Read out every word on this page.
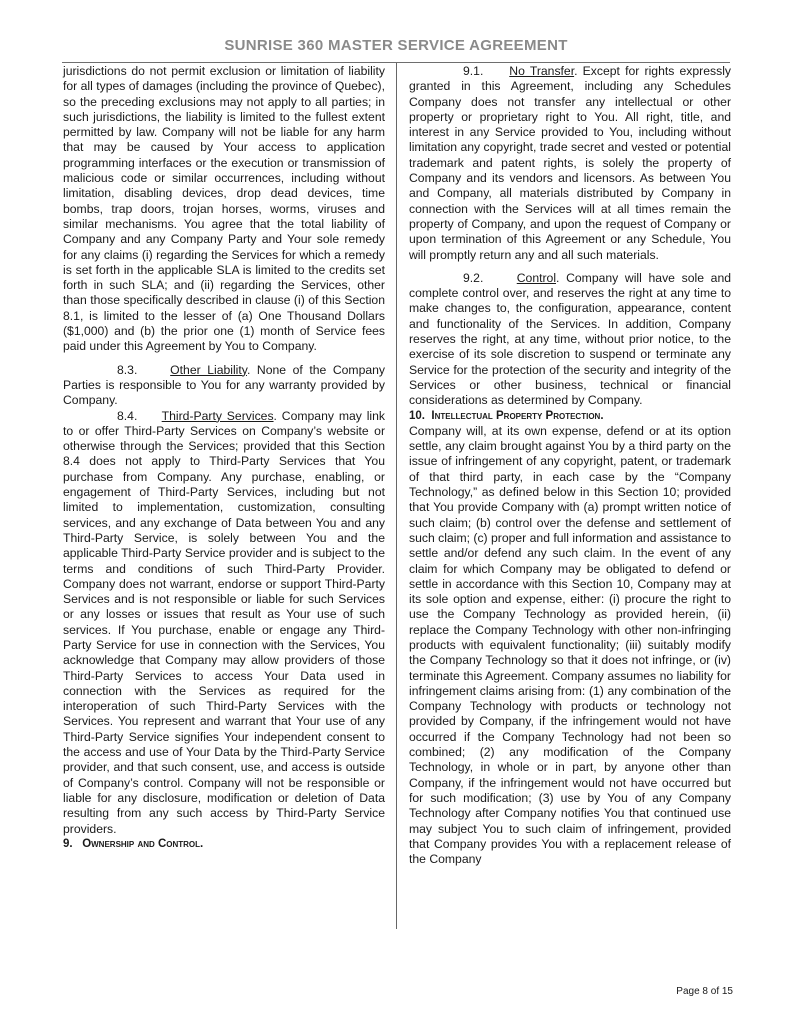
SUNRISE 360 MASTER SERVICE AGREEMENT

jurisdictions do not permit exclusion or limitation of liability for all types of damages (including the province of Quebec), so the preceding exclusions may not apply to all parties; in such jurisdictions, the liability is limited to the fullest extent permitted by law. Company will not be liable for any harm that may be caused by Your access to application programming interfaces or the execution or transmission of malicious code or similar occurrences, including without limitation, disabling devices, drop dead devices, time bombs, trap doors, trojan horses, worms, viruses and similar mechanisms. You agree that the total liability of Company and any Company Party and Your sole remedy for any claims (i) regarding the Services for which a remedy is set forth in the applicable SLA is limited to the credits set forth in such SLA; and (ii) regarding the Services, other than those specifically described in clause (i) of this Section 8.1, is limited to the lesser of (a) One Thousand Dollars ($1,000) and (b) the prior one (1) month of Service fees paid under this Agreement by You to Company.

8.3.	Other Liability. None of the Company Parties is responsible to You for any warranty provided by Company.

8.4. Third-Party Services. Company may link to or offer Third-Party Services on Company’s website or otherwise through the Services; provided that this Section 8.4 does not apply to Third-Party Services that You purchase from Company. Any purchase, enabling, or engagement of Third-Party Services, including but not limited to implementation, customization, consulting services, and any exchange of Data between You and any Third-Party Service, is solely between You and the applicable Third-Party Service provider and is subject to the terms and conditions of such Third-Party Provider. Company does not warrant, endorse or support Third-Party Services and is not responsible or liable for such Services or any losses or issues that result as Your use of such services. If You purchase, enable or engage any Third-Party Service for use in connection with the Services, You acknowledge that Company may allow providers of those Third-Party Services to access Your Data used in connection with the Services as required for the interoperation of such Third-Party Services with the Services. You represent and warrant that Your use of any Third-Party Service signifies Your independent consent to the access and use of Your Data by the Third-Party Service provider, and that such consent, use, and access is outside of Company’s control. Company will not be responsible or liable for any disclosure, modification or deletion of Data resulting from any such access by Third-Party Service providers.

9. Ownership and Control.

9.1. No Transfer. Except for rights expressly granted in this Agreement, including any Schedules Company does not transfer any intellectual or other property or proprietary right to You. All right, title, and interest in any Service provided to You, including without limitation any copyright, trade secret and vested or potential trademark and patent rights, is solely the property of Company and its vendors and licensors. As between You and Company, all materials distributed by Company in connection with the Services will at all times remain the property of Company, and upon the request of Company or upon termination of this Agreement or any Schedule, You will promptly return any and all such materials.

9.2.	Control. Company will have sole and complete control over, and reserves the right at any time to make changes to, the configuration, appearance, content and functionality of the Services. In addition, Company reserves the right, at any time, without prior notice, to the exercise of its sole discretion to suspend or terminate any Service for the protection of the security and integrity of the Services or other business, technical or financial considerations as determined by Company.

10. Intellectual Property Protection.

Company will, at its own expense, defend or at its option settle, any claim brought against You by a third party on the issue of infringement of any copyright, patent, or trademark of that third party, in each case by the “Company Technology,” as defined below in this Section 10; provided that You provide Company with (a) prompt written notice of such claim; (b) control over the defense and settlement of such claim; (c) proper and full information and assistance to settle and/or defend any such claim. In the event of any claim for which Company may be obligated to defend or settle in accordance with this Section 10, Company may at its sole option and expense, either: (i) procure the right to use the Company Technology as provided herein, (ii) replace the Company Technology with other non-infringing products with equivalent functionality; (iii) suitably modify the Company Technology so that it does not infringe, or (iv) terminate this Agreement. Company assumes no liability for infringement claims arising from: (1) any combination of the Company Technology with products or technology not provided by Company, if the infringement would not have occurred if the Company Technology had not been so combined; (2) any modification of the Company Technology, in whole or in part, by anyone other than Company, if the infringement would not have occurred but for such modification; (3) use by You of any Company Technology after Company notifies You that continued use may subject You to such claim of infringement, provided that Company provides You with a replacement release of the Company

Page 8 of 15
